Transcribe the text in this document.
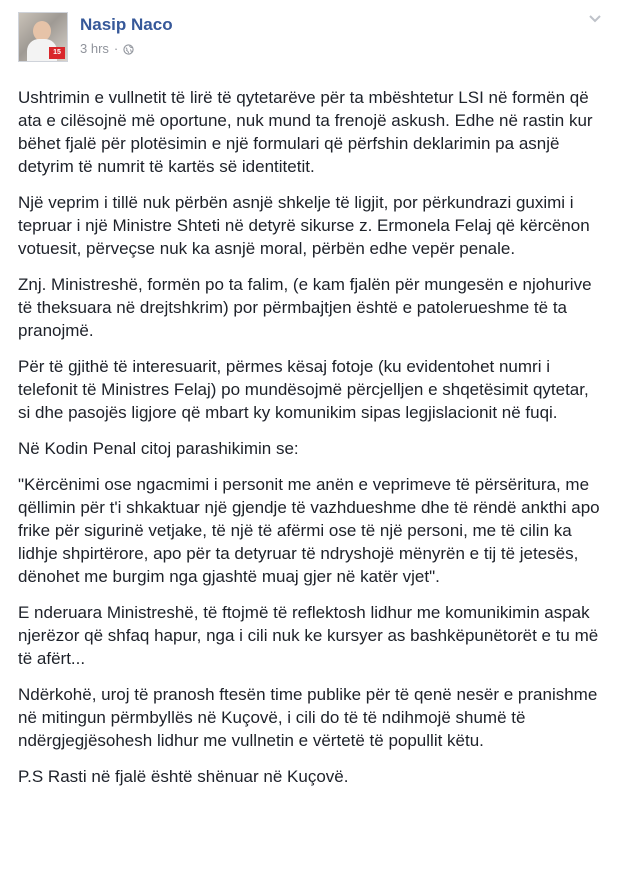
15
Nasip Naco
3 hrs ·

Ushtrimin e vullnetit të lirë të qytetarëve për ta mbështetur LSI në formën që ata e cilësojnë më oportune, nuk mund ta frenojë askush. Edhe në rastin kur bëhet fjalë për plotësimin e një formulari që përfshin deklarimin pa asnjë detyrim të numrit të kartës së identitetit.

Një veprim i tillë nuk përbën asnjë shkelje të ligjit, por përkundrazi guximi i tepruar i një Ministre Shteti në detyrë sikurse z. Ermonela Felaj që kërcënon votuesit, përveçse nuk ka asnjë moral, përbën edhe vepër penale.

Znj. Ministreshë, formën po ta falim, (e kam fjalën për mungesën e njohurive të theksuara në drejtshkrim) por përmbajtjen është e patoleruеshme të ta pranojmë.

Për të gjithë të interesuarit, përmes kësaj fotoje (ku evidentohet numri i telefonit të Ministres Felaj) po mundësojmë përcjelljen e shqetësimit qytetar, si dhe pasojës ligjore që mbart ky komunikim sipas legjislacionit në fuqi.

Në Kodin Penal citoj parashikimin se:

"Kërcënimi ose ngacmimi i personit me anën e veprimeve të përsëritura, me qëllimin për t'i shkaktuar një gjendje të vazhdueshme dhe të rëndë ankthi apo frike për sigurinë vetjake, të një të afërmi ose të një personi, me të cilin ka lidhje shpirtërore, apo për ta detyruar të ndryshojë mënyrën e tij të jetesës, dënohet me burgim nga gjashtë muaj gjer në katër vjet".

E nderuara Ministreshë, të ftojmë të reflektosh lidhur me komunikimin aspak njerëzor që shfaq hapur, nga i cili nuk ke kursyer as bashkëpunëtorët e tu më të afërt...

Ndërkohë, uroj të pranosh ftesën time publike për të qenë nesër e pranishme në mitingun përmbyllës në Kuçovë, i cili do të të ndihmojë shumë të ndërgjegjësohesh lidhur me vullnetin e vërtetë të popullit këtu.

P.S Rasti në fjalë është shënuar në Kuçovë.
